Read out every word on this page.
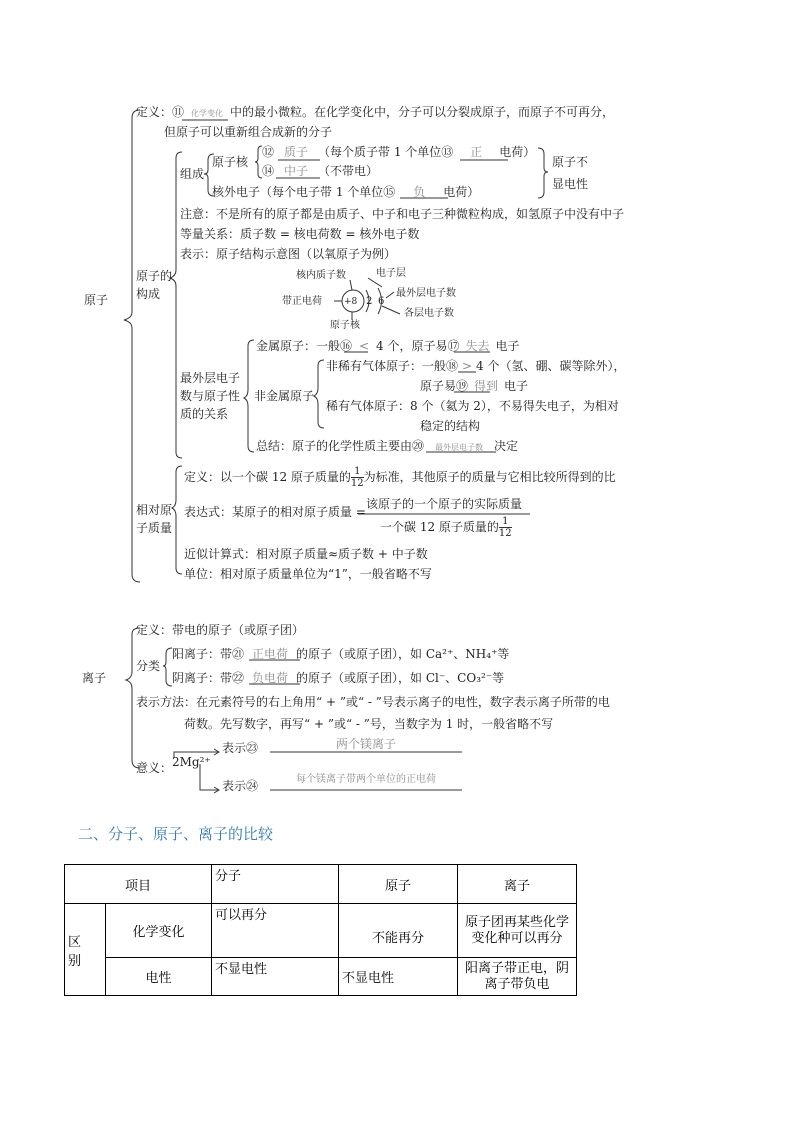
原子
定义：⑪ 化学变化 中的最小微粒。在化学变化中，分子可以分裂成原子，而原子不可再分，
但原子可以重新组合成新的分子
原子的
构成
组成
原子核
⑫ 质子 （每个质子带 1 个单位⑬ 正 电荷）
⑭ 中子 （不带电）
核外电子（每个电子带 1 个单位⑮ 负 电荷）
原子不
显电性
注意：不是所有的原子都是由质子、中子和电子三种微粒构成，如氢原子中没有中子
等量关系：质子数 = 核电荷数 = 核外电子数
表示：原子结构示意图（以氧原子为例）
核内质子数	电子层
最外层电子数
各层电子数
带正电荷
原子核
+8 2 6
最外层电子
数与原子性
质的关系
金属原子：一般⑯ < 4 个，原子易⑰ 失去 电子
非金属原子
非稀有气体原子：一般⑱ > 4 个（氢、硼、碳等除外），
原子易⑲ 得到 电子
稀有气体原子：8 个（氦为 2），不易得失电子，为相对
稳定的结构
总结：原子的化学性质主要由⑳ 最外层电子数 决定
相对原
子质量
定义：以一个碳 12 原子质量的 $\frac{1}{12}$ 为标准，其他原子的质量与它相比较所得到的比
表达式：某原子的相对原子质量 =
该原子的一个原子的实际质量
一个碳 12 原子质量的 $\frac{1}{12}$
近似计算式：相对原子质量≈质子数 + 中子数
单位：相对原子质量单位为“1”，一般省略不写
离子
定义：带电的原子（或原子团）
分类
阳离子：带㉑ 正电荷 的原子（或原子团），如 Ca²⁺、NH₄⁺等
阴离子：带㉒ 负电荷 的原子（或原子团），如 Cl⁻、CO₃²⁻等
表示方法：在元素符号的右上角用“ + ”或“ - ”号表示离子的电性，数字表示离子所带的电
荷数。先写数字，再写“ + ”或“ - ”号，当数字为 1 时，一般省略不写
意义： 2Mg²⁺
表示㉓	两个镁离子
表示㉔	每个镁离子带两个单位的正电荷
二、分子、原子、离子的比较
项目		分子	原子	离子
区
别	化学变化	可以再分	不能再分	原子团再某些化学变化种可以再分
	电性	不显电性	不显电性	阳离子带正电，阴离子带负电
